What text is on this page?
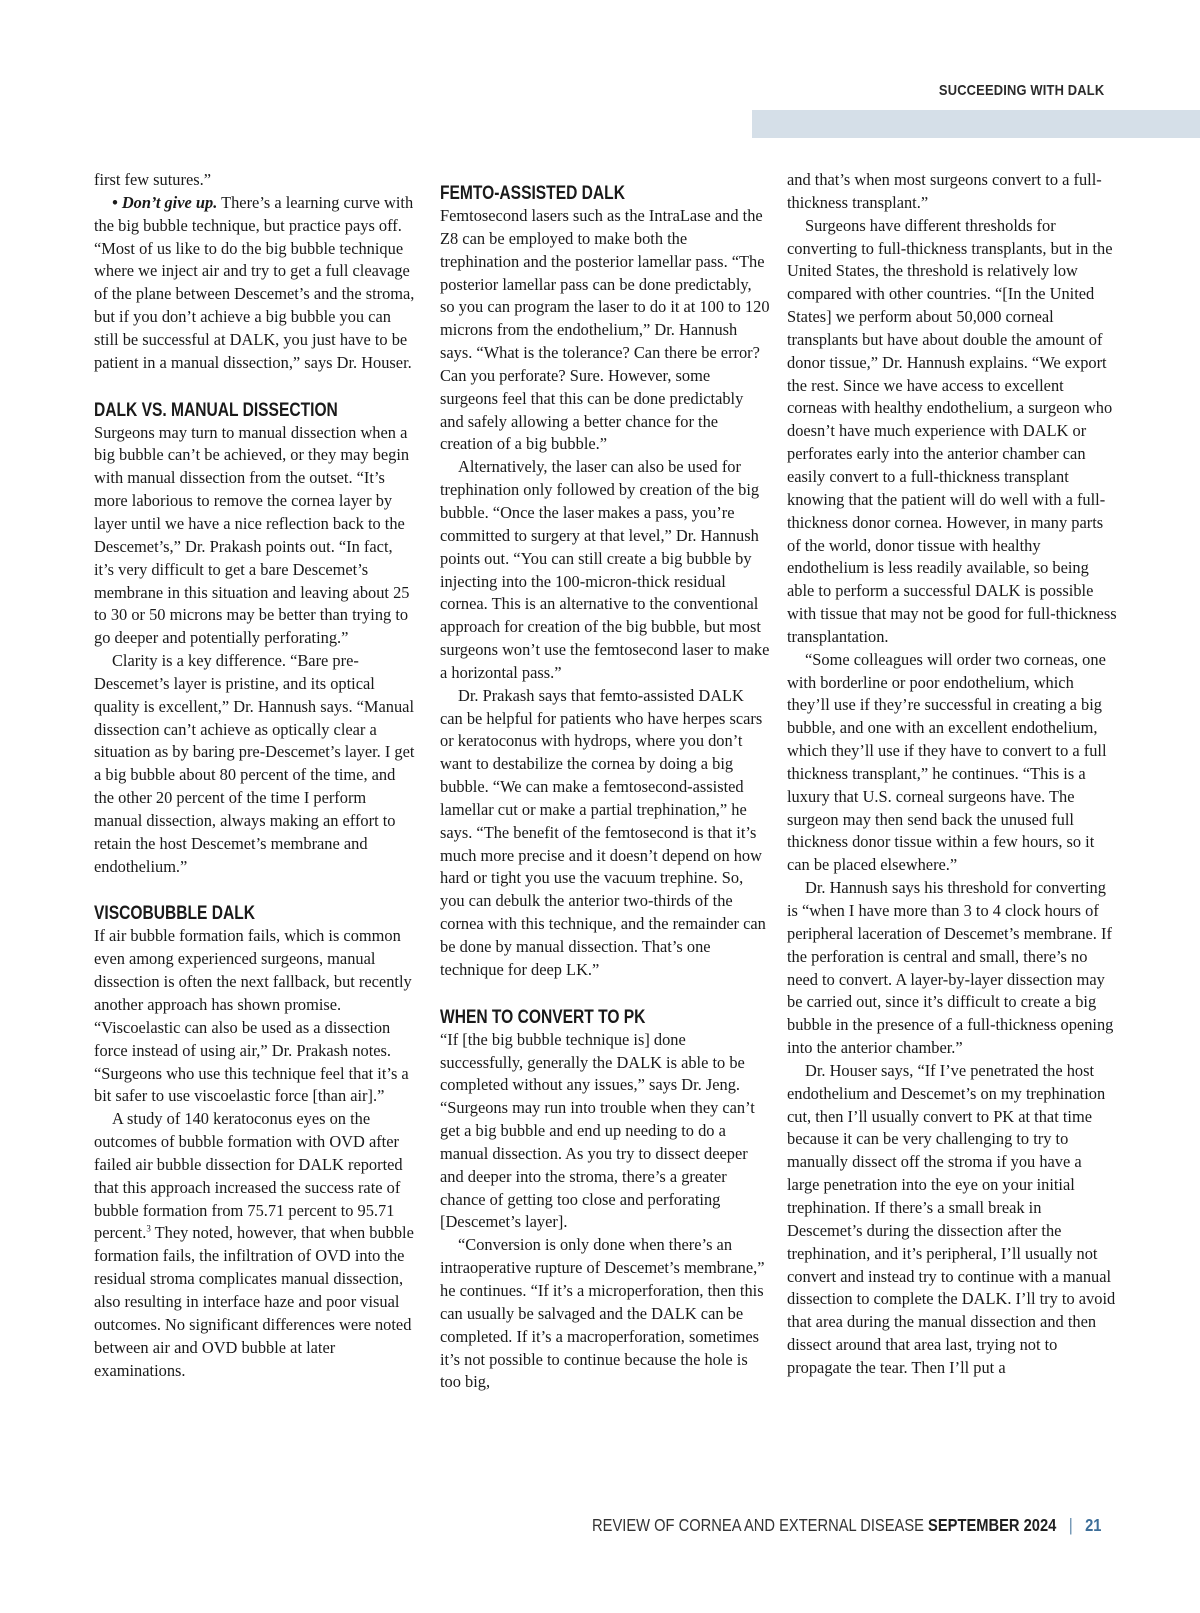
SUCCEEDING WITH DALK

first few sutures.”

• Don’t give up. There’s a learning curve with the big bubble technique, but practice pays off. “Most of us like to do the big bubble technique where we inject air and try to get a full cleavage of the plane between Descemet’s and the stroma, but if you don’t achieve a big bubble you can still be successful at DALK, you just have to be patient in a manual dissection,” says Dr. Houser.

DALK VS. MANUAL DISSECTION

Surgeons may turn to manual dissection when a big bubble can’t be achieved, or they may begin with manual dissection from the outset. “It’s more laborious to remove the cornea layer by layer until we have a nice reflection back to the Descemet’s,” Dr. Prakash points out. “In fact, it’s very difficult to get a bare Descemet’s membrane in this situation and leaving about 25 to 30 or 50 microns may be better than trying to go deeper and potentially perforating.”

Clarity is a key difference. “Bare pre-Descemet’s layer is pristine, and its optical quality is excellent,” Dr. Hannush says. “Manual dissection can’t achieve as optically clear a situation as by baring pre-Descemet’s layer. I get a big bubble about 80 percent of the time, and the other 20 percent of the time I perform manual dissection, always making an effort to retain the host Descemet’s membrane and endothelium.”

VISCOBUBBLE DALK

If air bubble formation fails, which is common even among experienced surgeons, manual dissection is often the next fallback, but recently another approach has shown promise. “Viscoelastic can also be used as a dissection force instead of using air,” Dr. Prakash notes. “Surgeons who use this technique feel that it’s a bit safer to use viscoelastic force [than air].”

A study of 140 keratoconus eyes on the outcomes of bubble formation with OVD after failed air bubble dissection for DALK reported that this approach increased the success rate of bubble formation from 75.71 percent to 95.71 percent.$^3$ They noted, however, that when bubble formation fails, the infiltration of OVD into the residual stroma complicates manual dissection, also resulting in interface haze and poor visual outcomes. No significant differences were noted between air and OVD bubble at later examinations.

FEMTO-ASSISTED DALK

Femtosecond lasers such as the IntraLase and the Z8 can be employed to make both the trephination and the posterior lamellar pass. “The posterior lamellar pass can be done predictably, so you can program the laser to do it at 100 to 120 microns from the endothelium,” Dr. Hannush says. “What is the tolerance? Can there be error? Can you perforate? Sure. However, some surgeons feel that this can be done predictably and safely allowing a better chance for the creation of a big bubble.”

Alternatively, the laser can also be used for trephination only followed by creation of the big bubble. “Once the laser makes a pass, you’re committed to surgery at that level,” Dr. Hannush points out. “You can still create a big bubble by injecting into the 100-micron-thick residual cornea. This is an alternative to the conventional approach for creation of the big bubble, but most surgeons won’t use the femtosecond laser to make a horizontal pass.”

Dr. Prakash says that femto-assisted DALK can be helpful for patients who have herpes scars or keratoconus with hydrops, where you don’t want to destabilize the cornea by doing a big bubble. “We can make a femtosecond-assisted lamellar cut or make a partial trephination,” he says. “The benefit of the femtosecond is that it’s much more precise and it doesn’t depend on how hard or tight you use the vacuum trephine. So, you can debulk the anterior two-thirds of the cornea with this technique, and the remainder can be done by manual dissection. That’s one technique for deep LK.”

WHEN TO CONVERT TO PK

“If [the big bubble technique is] done successfully, generally the DALK is able to be completed without any issues,” says Dr. Jeng. “Surgeons may run into trouble when they can’t get a big bubble and end up needing to do a manual dissection. As you try to dissect deeper and deeper into the stroma, there’s a greater chance of getting too close and perforating [Descemet’s layer].

“Conversion is only done when there’s an intraoperative rupture of Descemet’s membrane,” he continues. “If it’s a microperforation, then this can usually be salvaged and the DALK can be completed. If it’s a macroperforation, sometimes it’s not possible to continue because the hole is too big,

and that’s when most surgeons convert to a full-thickness transplant.”

Surgeons have different thresholds for converting to full-thickness transplants, but in the United States, the threshold is relatively low compared with other countries. “[In the United States] we perform about 50,000 corneal transplants but have about double the amount of donor tissue,” Dr. Hannush explains. “We export the rest. Since we have access to excellent corneas with healthy endothelium, a surgeon who doesn’t have much experience with DALK or perforates early into the anterior chamber can easily convert to a full-thickness transplant knowing that the patient will do well with a full-thickness donor cornea. However, in many parts of the world, donor tissue with healthy endothelium is less readily available, so being able to perform a successful DALK is possible with tissue that may not be good for full-thickness transplantation.

“Some colleagues will order two corneas, one with borderline or poor endothelium, which they’ll use if they’re successful in creating a big bubble, and one with an excellent endothelium, which they’ll use if they have to convert to a full thickness transplant,” he continues. “This is a luxury that U.S. corneal surgeons have. The surgeon may then send back the unused full thickness donor tissue within a few hours, so it can be placed elsewhere.”

Dr. Hannush says his threshold for converting is “when I have more than 3 to 4 clock hours of peripheral laceration of Descemet’s membrane. If the perforation is central and small, there’s no need to convert. A layer-by-layer dissection may be carried out, since it’s difficult to create a big bubble in the presence of a full-thickness opening into the anterior chamber.”

Dr. Houser says, “If I’ve penetrated the host endothelium and Descemet’s on my trephination cut, then I’ll usually convert to PK at that time because it can be very challenging to try to manually dissect off the stroma if you have a large penetration into the eye on your initial trephination. If there’s a small break in Descemet’s during the dissection after the trephination, and it’s peripheral, I’ll usually not convert and instead try to continue with a manual dissection to complete the DALK. I’ll try to avoid that area during the manual dissection and then dissect around that area last, trying not to propagate the tear. Then I’ll put a

REVIEW OF CORNEA AND EXTERNAL DISEASE SEPTEMBER 2024 | 21
